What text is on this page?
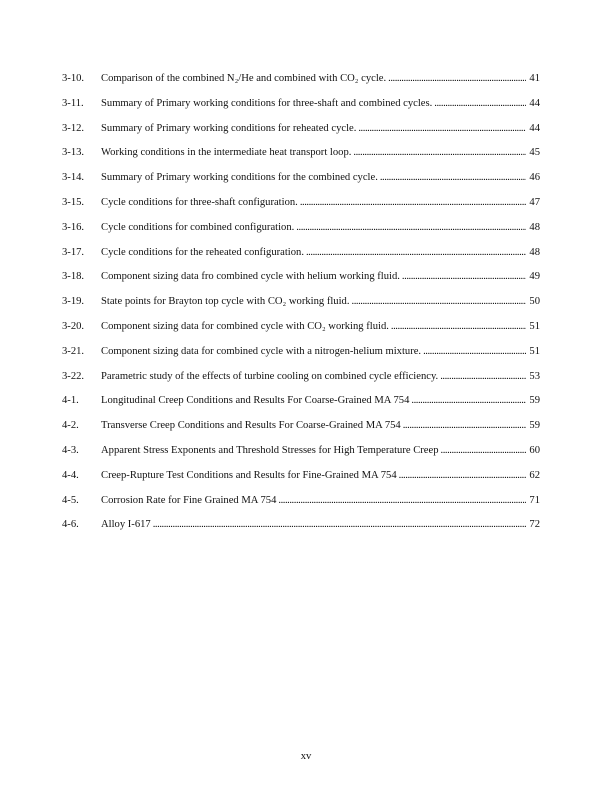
3-10.	Comparison of the combined N₂/He and combined with CO₂ cycle. . . .	41
3-11.	Summary of Primary working conditions for three-shaft and combined cycles. . . .	44
3-12.	Summary of Primary working conditions for reheated cycle. . . .	44
3-13.	Working conditions in the intermediate heat transport loop. . . .	45
3-14.	Summary of Primary working conditions for the combined cycle. . . .	46
3-15.	Cycle conditions for three-shaft configuration. . . .	47
3-16.	Cycle conditions for combined configuration. . . .	48
3-17.	Cycle conditions for the reheated configuration. . . .	48
3-18.	Component sizing data fro combined cycle with helium working fluid. . . .	49
3-19.	State points for Brayton top cycle with CO₂ working fluid. . . .	50
3-20.	Component sizing data for combined cycle with CO₂ working fluid. . . .	51
3-21.	Component sizing data for combined cycle with a nitrogen-helium mixture. . . .	51
3-22.	Parametric study of the effects of turbine cooling on combined cycle efficiency. . . .	53
4-1.	Longitudinal Creep Conditions and Results For Coarse-Grained MA 754 . . .	59
4-2.	Transverse Creep Conditions and Results For Coarse-Grained MA 754 . . .	59
4-3.	Apparent Stress Exponents and Threshold Stresses for High Temperature Creep . . .	60
4-4.	Creep-Rupture Test Conditions and Results for Fine-Grained MA 754 . . .	62
4-5.	Corrosion Rate for Fine Grained MA 754 . . .	71
4-6.	Alloy I-617 . . .	72
xv
